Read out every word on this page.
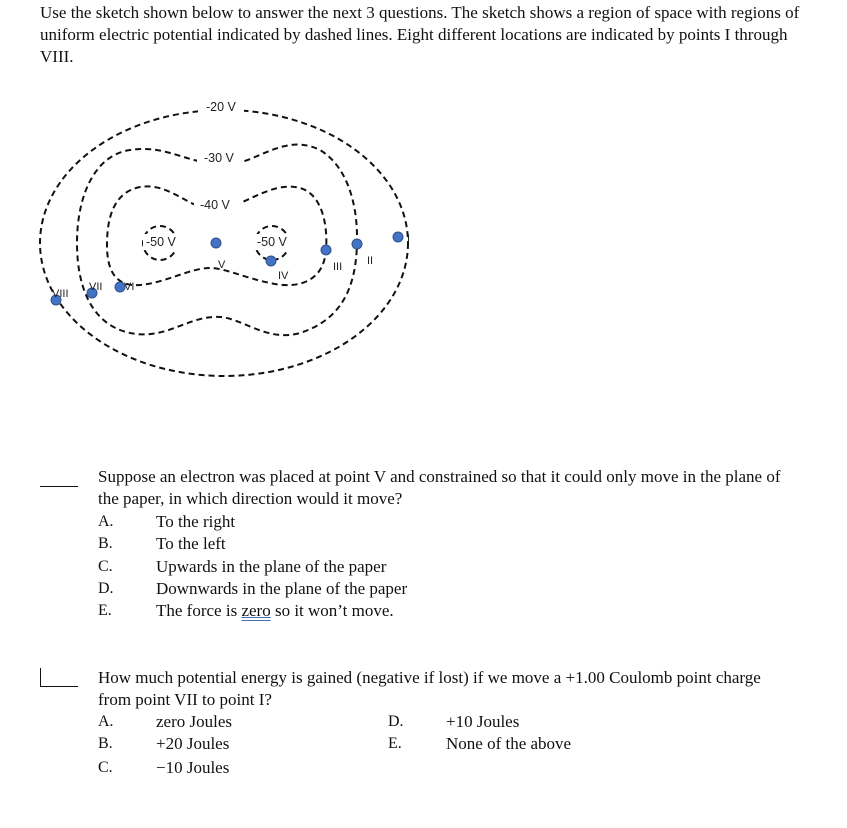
Use the sketch shown below to answer the next 3 questions. The sketch shows a region of space with regions of uniform electric potential indicated by dashed lines. Eight different locations are indicated by points I through VIII.
-20 V
-30 V
-40 V
-50 V	-50 V	I
II
III
IV
V
VI
VII
VIII
Suppose an electron was placed at point V and constrained so that it could only move in the plane of the paper, in which direction would it move?
A. To the right
B.	To the left
C.	Upwards in the plane of the paper
D. Downwards in the plane of the paper
E.	The force is zero so it won’t move.
How much potential energy is gained (negative if lost) if we move a +1.00 Coulomb point charge from point VII to point I?
A. zero Joules
B.	+20 Joules
C.	−10 Joules
D. +10 Joules
E.	None of the above
